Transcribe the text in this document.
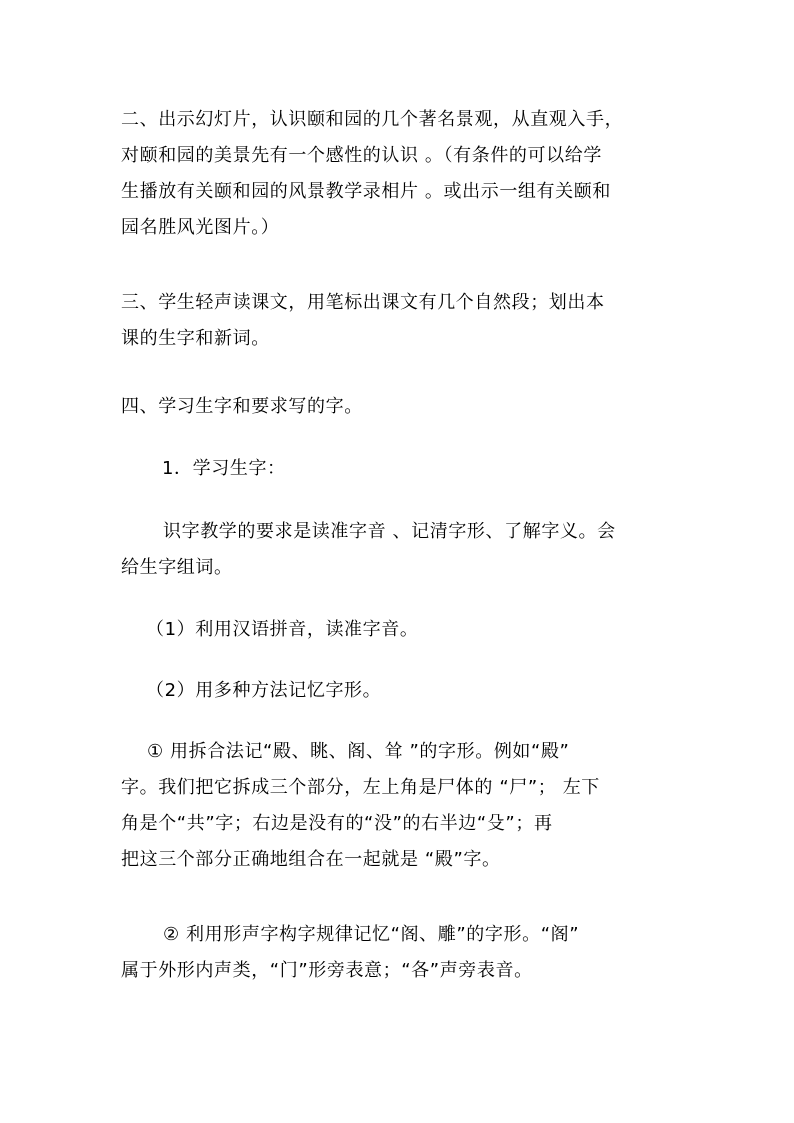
二、出示幻灯片，认识颐和园的几个著名景观，从直观入手，
对颐和园的美景先有一个感性的认识 。（有条件的可以给学
生播放有关颐和园的风景教学录相片 。或出示一组有关颐和
园名胜风光图片。）
三、学生轻声读课文，用笔标出课文有几个自然段；划出本
课的生字和新词。
四、学习生字和要求写的字。
1．学习生字：
识字教学的要求是读准字音 、记清字形、了解字义。会
给生字组词。
（1）利用汉语拼音，读准字音。
（2）用多种方法记忆字形。
① 用拆合法记“殿、眺、阁、耸 ”的字形。例如“殿”
字。我们把它拆成三个部分，左上角是尸体的 “尸”； 左下
角是个“共”字；右边是没有的“没”的右半边“殳”；再
把这三个部分正确地组合在一起就是 “殿”字。
② 利用形声字构字规律记忆“阁、雕”的字形。“阁”
属于外形内声类，“门”形旁表意；“各”声旁表音。
